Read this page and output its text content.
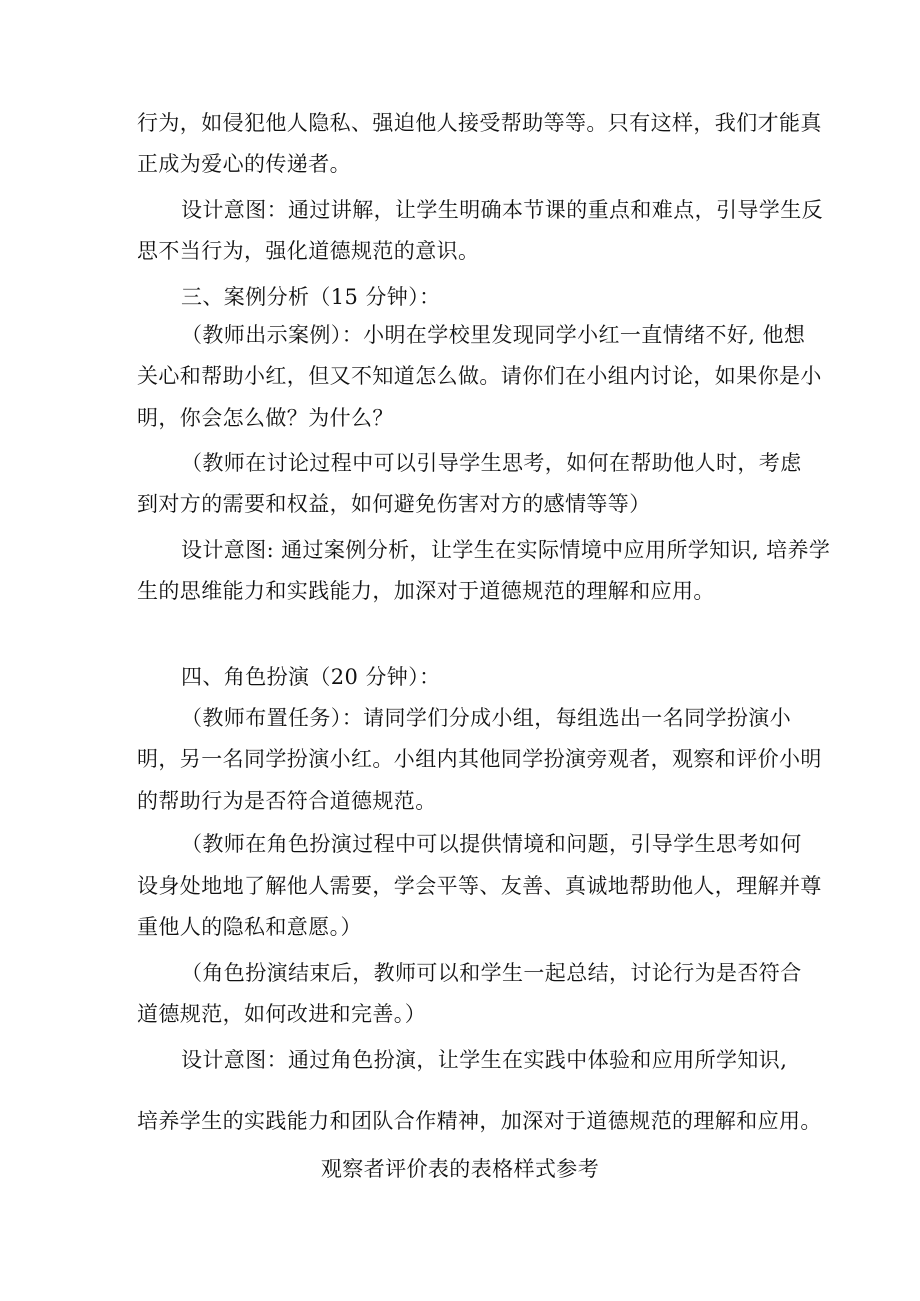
行为，如侵犯他人隐私、强迫他人接受帮助等等。只有这样，我们才能真
正成为爱心的传递者。
设计意图：通过讲解，让学生明确本节课的重点和难点，引导学生反
思不当行为，强化道德规范的意识。
三、案例分析（15 分钟）：
（教师出示案例）：小明在学校里发现同学小红一直情绪不好, 他想
关心和帮助小红，但又不知道怎么做。请你们在小组内讨论，如果你是小
明，你会怎么做？为什么？
（教师在讨论过程中可以引导学生思考，如何在帮助他人时，考虑
到对方的需要和权益，如何避免伤害对方的感情等等）
设计意图: 通过案例分析，让学生在实际情境中应用所学知识, 培养学
生的思维能力和实践能力，加深对于道德规范的理解和应用。
四、角色扮演（20 分钟）：
（教师布置任务）：请同学们分成小组，每组选出一名同学扮演小
明，另一名同学扮演小红。小组内其他同学扮演旁观者，观察和评价小明
的帮助行为是否符合道德规范。
（教师在角色扮演过程中可以提供情境和问题，引导学生思考如何
设身处地地了解他人需要，学会平等、友善、真诚地帮助他人，理解并尊
重他人的隐私和意愿。）
（角色扮演结束后，教师可以和学生一起总结，讨论行为是否符合
道德规范，如何改进和完善。）
设计意图：通过角色扮演，让学生在实践中体验和应用所学知识,
培养学生的实践能力和团队合作精神，加深对于道德规范的理解和应用。
观察者评价表的表格样式参考
